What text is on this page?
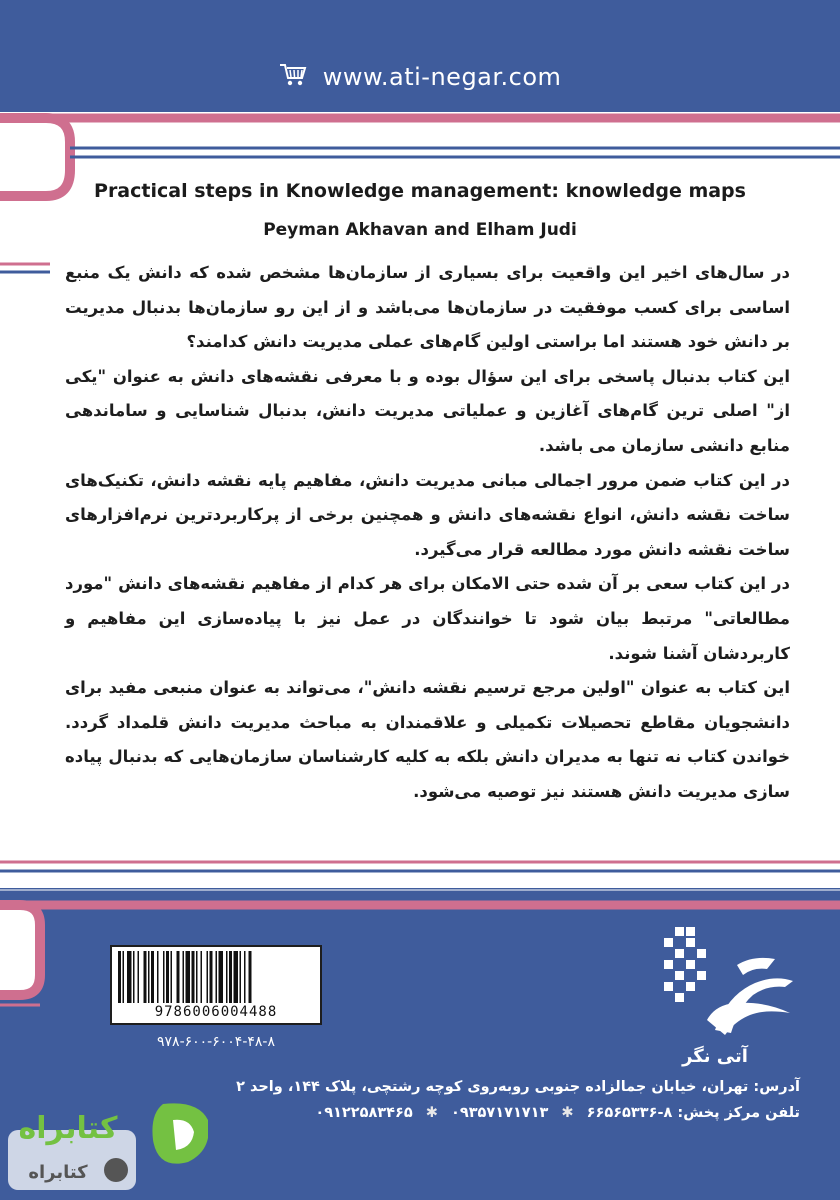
www.ati-negar.com
Practical steps in Knowledge management: knowledge maps
Peyman Akhavan and Elham Judi

در سال‌های اخیر این واقعیت برای بسیاری از سازمان‌ها مشخص شده که دانش یک منبع اساسی برای کسب موفقیت در سازمان‌ها می‌باشد و از این رو سازمان‌ها بدنبال مدیریت بر دانش خود هستند اما براستی اولین گام‌های عملی مدیریت دانش کدامند؟

این کتاب بدنبال پاسخی برای این سؤال بوده و با معرفی نقشه‌های دانش به عنوان "یکی از" اصلی ترین گام‌های آغازین و عملیاتی مدیریت دانش، بدنبال شناسایی و ساماندهی منابع دانشی سازمان می باشد.

در این کتاب ضمن مرور اجمالی مبانی مدیریت دانش، مفاهیم پایه نقشه دانش، تکنیک‌های ساخت نقشه دانش، انواع نقشه‌های دانش و همچنین برخی از پرکاربردترین نرم‌افزارهای ساخت نقشه دانش مورد مطالعه قرار می‌گیرد.

در این کتاب سعی بر آن شده حتی الامکان برای هر کدام از مفاهیم نقشه‌های دانش "مورد مطالعاتی" مرتبط بیان شود تا خوانندگان در عمل نیز با پیاده‌سازی این مفاهیم و کاربردشان آشنا شوند.

این کتاب به عنوان "اولین مرجع ترسیم نقشه دانش"، می‌تواند به عنوان منبعی مفید برای دانشجویان مقاطع تحصیلات تکمیلی و علاقمندان به مباحث مدیریت دانش قلمداد گردد. خواندن کتاب نه تنها به مدیران دانش بلکه به کلیه کارشناسان سازمان‌هایی که بدنبال پیاده سازی مدیریت دانش هستند نیز توصیه می‌شود.

9786006004488
۹۷۸-۶۰۰-۶۰۰۴-۴۸-۸
آتی نگر
آدرس: تهران، خیابان جمالزاده جنوبی روبه‌روی کوچه رشتچی، پلاک ۱۴۴، واحد ۲
تلفن مرکز پخش: ۸-۶۶۵۶۵۳۳۶ ✱ ۰۹۳۵۷۱۷۱۷۱۳ ✱ ۰۹۱۲۲۵۸۳۴۶۵
کتابراه
کتابراه
